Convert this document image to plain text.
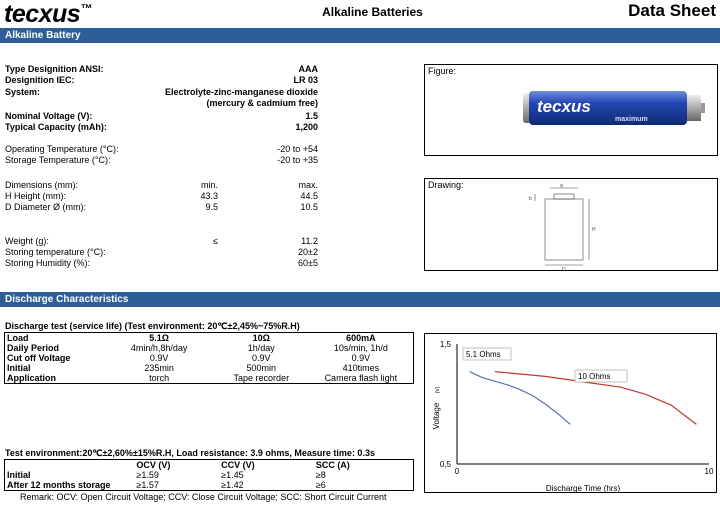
tecxus™	Alkaline Batteries	Data Sheet
Alkaline Battery
Type Designition ANSI:	AAA
Designition IEC:	LR 03
System:	Electrolyte-zinc-manganese dioxide
(mercury & cadmium free)
Nominal Voltage (V):	1.5
Typical Capacity (mAh):	1,200
Operating Temperature (°C):	-20 to +54
Storage Temperature (°C):	-20 to +35
Dimensions (mm):	min.	max.
H Height (mm):	43.3	44.5
D Diameter Ø (mm):	9.5	10.5
Weight (g):	≤	11.2
Storing temperature (°C):	20±2
Storing Humidity (%):	60±5
Figure:
tecxus
maximum
Drawing:	a
b
H
D
Discharge Characteristics
Discharge test (service life) (Test environment: 20℃±2,45%~75%R.H)
Load	5.1Ω	10Ω	600mA
Daily Period	4min/h,8h/day	1h/day	10s/min, 1h/d
Cut off Voltage	0.9V	0.9V	0.9V
Initial	235min	500min	410times
Application	torch	Tape recorder	Camera flash light
Test environment:20℃±2,60%±15%R.H, Load resistance: 3.9 ohms, Measure time: 0.3s
	OCV (V)	CCV (V)	SCC (A)
Initial	≥1.59	≥1.45	≥8
After 12 months storage	≥1.57	≥1.42	≥6
Remark: OCV: Open Circuit Voltage; CCV: Close Circuit Voltage; SCC: Short Circuit Current
1,5
0,5
0	10
Discharge Time (hrs)
Voltage
(V)
5.1 Ohms
10 Ohms
